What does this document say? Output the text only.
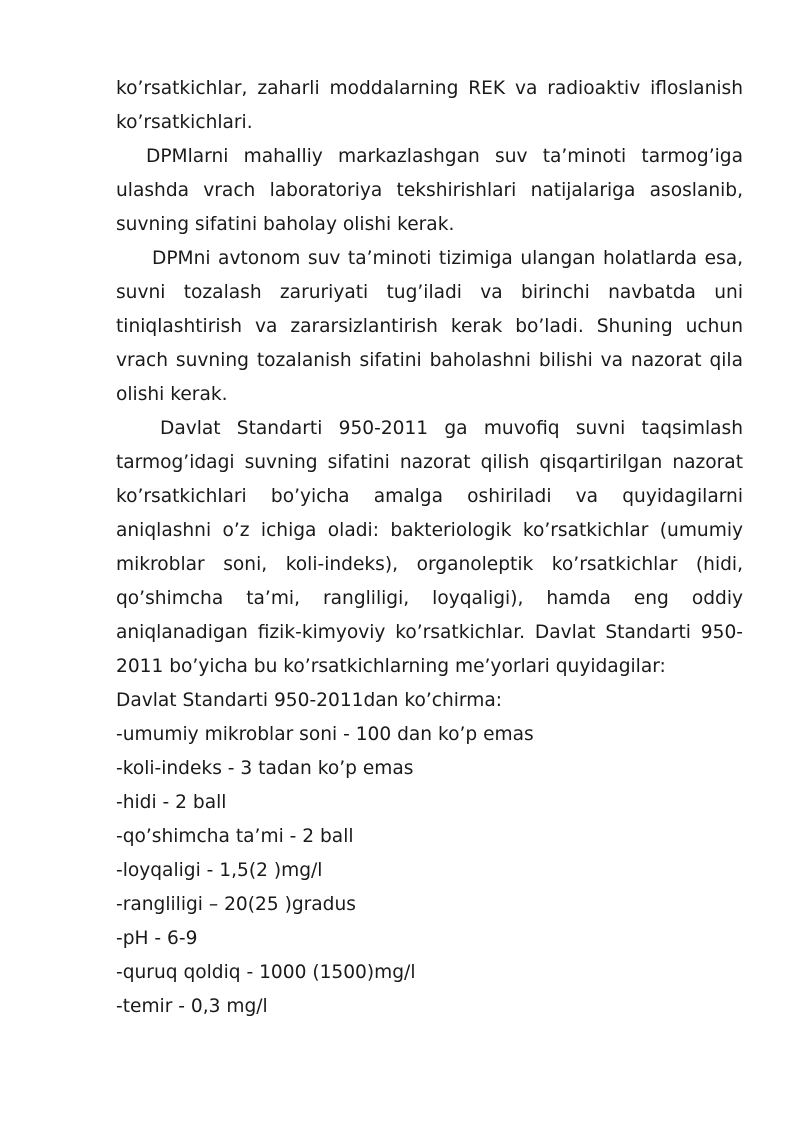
ko’rsatkichlar, zaharli moddalarning REK va radioaktiv ifloslanish ko’rsatkichlari.

DPMlarni mahalliy markazlashgan suv ta’minoti tarmog’iga ulashda vrach laboratoriya tekshirishlari natijalariga asoslanib, suvning sifatini baholay olishi kerak.

DPMni avtonom suv ta’minoti tizimiga ulangan holatlarda esa, suvni tozalash zaruriyati tug’iladi va birinchi navbatda uni tiniqlashtirish va zararsizlantirish kerak bo’ladi. Shuning uchun vrach suvning tozalanish sifatini baholashni bilishi va nazorat qila olishi kerak.

Davlat Standarti 950-2011 ga muvofiq suvni taqsimlash tarmog’idagi suvning sifatini nazorat qilish qisqartirilgan nazorat ko’rsatkichlari bo’yicha amalga oshiriladi va quyidagilarni aniqlashni o’z ichiga oladi: bakteriologik ko’rsatkichlar (umumiy mikroblar soni, koli-indeks), organoleptik ko’rsatkichlar (hidi, qo’shimcha ta’mi, rangliligi, loyqaligi), hamda eng oddiy aniqlanadigan fizik-kimyoviy ko’rsatkichlar. Davlat Standarti 950-2011 bo’yicha bu ko’rsatkichlarning me’yorlari quyidagilar:

Davlat Standarti 950-2011dan ko’chirma:

-umumiy mikroblar soni - 100 dan ko’p emas

-koli-indeks - 3 tadan ko’p emas

-hidi - 2 ball

-qo’shimcha ta’mi - 2 ball

-loyqaligi - 1,5(2 )mg/l

-rangliligi – 20(25 )gradus

-pH - 6-9

-quruq qoldiq - 1000 (1500)mg/l

-temir - 0,3 mg/l
